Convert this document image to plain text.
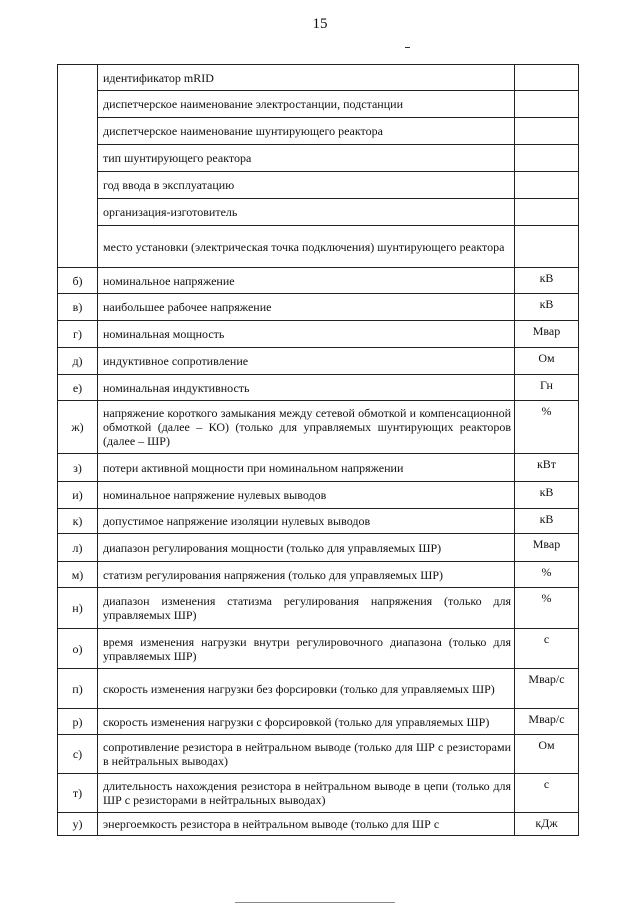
15
	идентификатор mRID	
	диспетчерское наименование электростанции, подстанции	
	диспетчерское наименование шунтирующего реактора	
	тип шунтирующего реактора	
	год ввода в эксплуатацию	
	организация-изготовитель	
	место установки (электрическая точка подключения) шунтирующего реактора	
б)	номинальное напряжение	кВ
в)	наибольшее рабочее напряжение	кВ
г)	номинальная мощность	Мвар
д)	индуктивное сопротивление	Ом
е)	номинальная индуктивность	Гн
ж)	напряжение короткого замыкания между сетевой обмоткой и компенсационной обмоткой (далее – КО) (только для управляемых шунтирующих реакторов (далее – ШР)	%
з)	потери активной мощности при номинальном напряжении	кВт
и)	номинальное напряжение нулевых выводов	кВ
к)	допустимое напряжение изоляции нулевых выводов	кВ
л)	диапазон регулирования мощности (только для управляемых ШР)	Мвар
м)	статизм регулирования напряжения (только для управляемых ШР)	%
н)	диапазон изменения статизма регулирования напряжения (только для управляемых ШР)	%
о)	время изменения нагрузки внутри регулировочного диапазона (только для управляемых ШР)	с
п)	скорость изменения нагрузки без форсировки (только для управляемых ШР)	Мвар/с
р)	скорость изменения нагрузки с форсировкой (только для управляемых ШР)	Мвар/с
с)	сопротивление резистора в нейтральном выводе (только для ШР с резисторами в нейтральных выводах)	Ом
т)	длительность нахождения резистора в нейтральном выводе в цепи (только для ШР с резисторами в нейтральных выводах)	с
у)	энергоемкость резистора в нейтральном выводе (только для ШР с	кДж
